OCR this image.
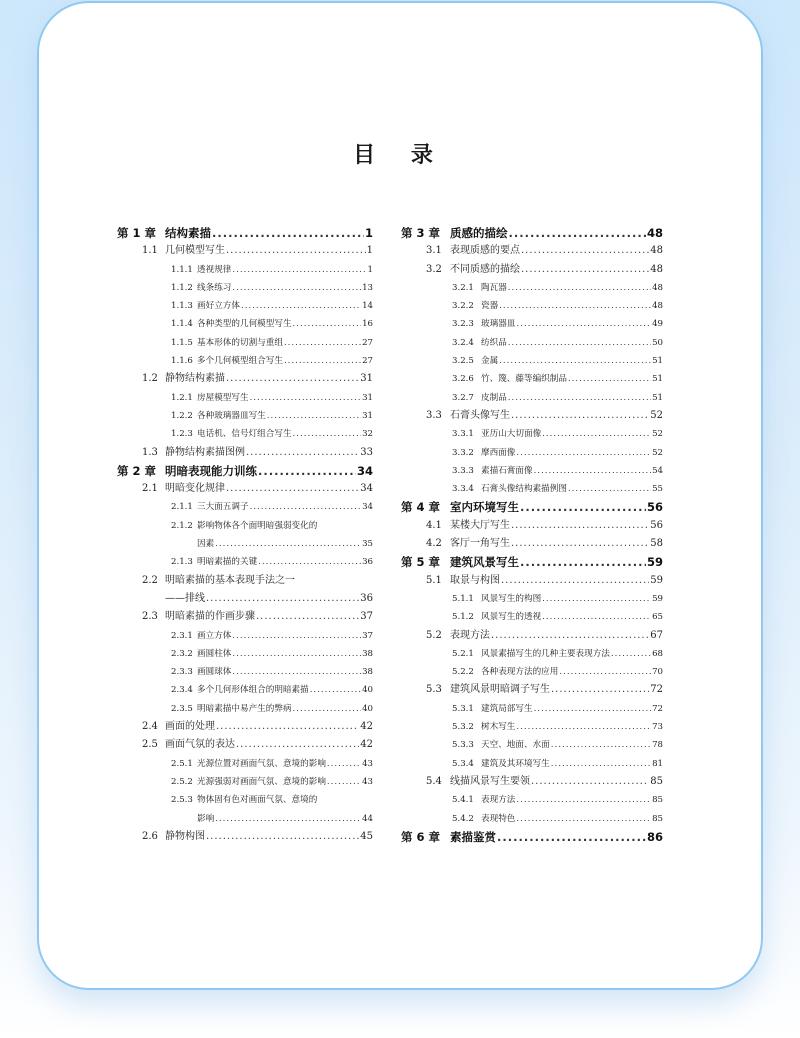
目 录
第 1 章 结构素描 .....	1
1.1 几何模型写生 .....	1
1.1.1 透视规律 .....	1
1.1.2 线条练习 .....	13
1.1.3 画好立方体 .....	14
1.1.4 各种类型的几何模型写生 .....	16
1.1.5 基本形体的切割与重组 .....	27
1.1.6 多个几何模型组合写生 .....	27
1.2 静物结构素描 .....	31
1.2.1 房屋模型写生 .....	31
1.2.2 各种玻璃器皿写生 .....	31
1.2.3 电话机、信号灯组合写生 .....	32
1.3 静物结构素描图例 .....	33
第 2 章 明暗表现能力训练 .....	34
2.1 明暗变化规律 .....	34
2.1.1 三大面五调子 .....	34
2.1.2 影响物体各个面明暗强弱变化的
因素 .....	35
2.1.3 明暗素描的关键 .....	36
2.2 明暗素描的基本表现手法之一
——排线 .....	36
2.3 明暗素描的作画步骤 .....	37
2.3.1 画立方体 .....	37
2.3.2 画圆柱体 .....	38
2.3.3 画圆球体 .....	38
2.3.4 多个几何形体组合的明暗素描 .....	40
2.3.5 明暗素描中易产生的弊病 .....	40
2.4 画面的处理 .....	42
2.5 画面气氛的表达 .....	42
2.5.1 光源位置对画面气氛、意境的影响 .....	43
2.5.2 光源强弱对画面气氛、意境的影响 .....	43
2.5.3 物体固有色对画面气氛、意境的
影响 .....	44
2.6 静物构图 .....	45
第 3 章 质感的描绘 .....	48
3.1 表现质感的要点 .....	48
3.2 不同质感的描绘 .....	48
3.2.1 陶瓦器 .....	48
3.2.2 瓷器 .....	48
3.2.3 玻璃器皿 .....	49
3.2.4 纺织品 .....	50
3.2.5 金属 .....	51
3.2.6 竹、篾、藤等编织制品 .....	51
3.2.7 皮制品 .....	51
3.3 石膏头像写生 .....	52
3.3.1 亚历山大切面像 .....	52
3.3.2 摩西面像 .....	52
3.3.3 素描石膏面像 .....	54
3.3.4 石膏头像结构素描例图 .....	55
第 4 章 室内环境写生 .....	56
4.1 某楼大厅写生 .....	56
4.2 客厅一角写生 .....	58
第 5 章 建筑风景写生 .....	59
5.1 取景与构图 .....	59
5.1.1 风景写生的构图 .....	59
5.1.2 风景写生的透视 .....	65
5.2 表现方法 .....	67
5.2.1 风景素描写生的几种主要表现方法 .....	68
5.2.2 各种表现方法的应用 .....	70
5.3 建筑风景明暗调子写生 .....	72
5.3.1 建筑局部写生 .....	72
5.3.2 树木写生 .....	73
5.3.3 天空、地面、水面 .....	78
5.3.4 建筑及其环境写生 .....	81
5.4 线描风景写生要领 .....	85
5.4.1 表现方法 .....	85
5.4.2 表现特色 .....	85
第 6 章 素描鉴赏 .....	86
